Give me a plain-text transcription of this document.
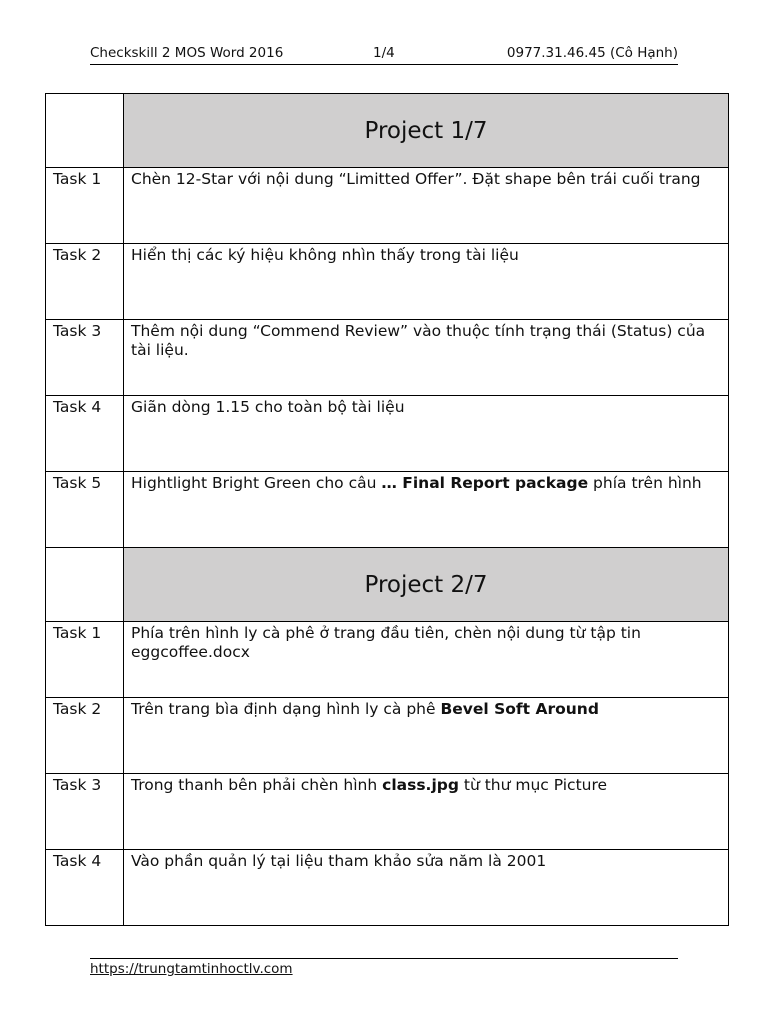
Checkskill 2 MOS Word 2016	1/4	0977.31.46.45 (Cô Hạnh)
	Project 1/7
Task 1	Chèn 12-Star với nội dung “Limitted Offer”. Đặt shape bên trái cuối trang
Task 2	Hiển thị các ký hiệu không nhìn thấy trong tài liệu
Task 3	Thêm nội dung “Commend Review” vào thuộc tính trạng thái (Status) của tài liệu.
Task 4	Giãn dòng 1.15 cho toàn bộ tài liệu
Task 5	Hightlight Bright Green cho câu … Final Report package phía trên hình
	Project 2/7
Task 1	Phía trên hình ly cà phê ở trang đầu tiên, chèn nội dung từ tập tin eggcoffee.docx
Task 2	Trên trang bìa định dạng hình ly cà phê Bevel Soft Around
Task 3	Trong thanh bên phải chèn hình class.jpg từ thư mục Picture
Task 4	Vào phần quản lý tại liệu tham khảo sửa năm là 2001
https://trungtamtinhoctlv.com
